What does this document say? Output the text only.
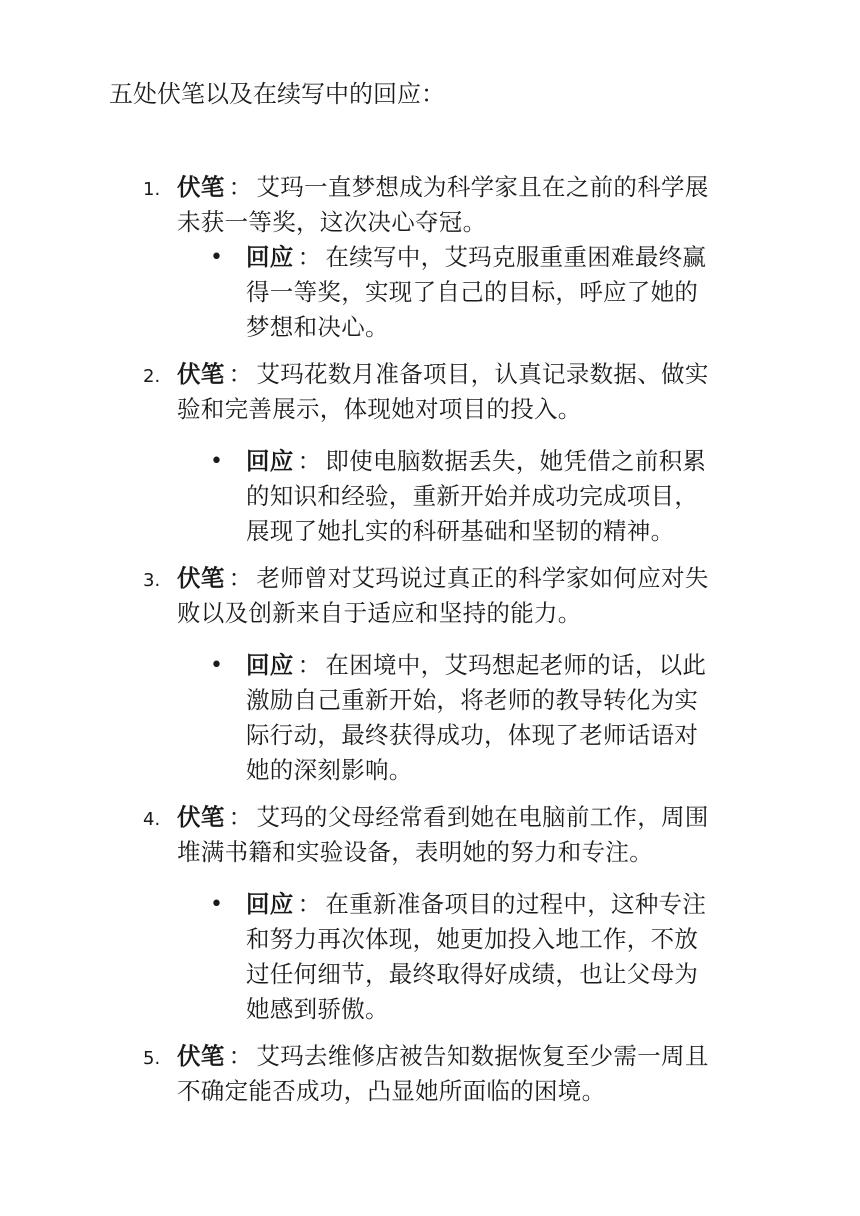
五处伏笔以及在续写中的回应：
1. 伏笔 ： 艾玛一直梦想成为科学家且在之前的科学展
未获一等奖，这次决心夺冠。
• 回应 ： 在续写中，艾玛克服重重困难最终赢
得一等奖，实现了自己的目标，呼应了她的
梦想和决心。
2. 伏笔 ： 艾玛花数月准备项目，认真记录数据、做实
验和完善展示，体现她对项目的投入。
• 回应 ： 即使电脑数据丢失，她凭借之前积累
的知识和经验，重新开始并成功完成项目，
展现了她扎实的科研基础和坚韧的精神。
3. 伏笔 ： 老师曾对艾玛说过真正的科学家如何应对失
败以及创新来自于适应和坚持的能力。
• 回应 ： 在困境中，艾玛想起老师的话，以此
激励自己重新开始，将老师的教导转化为实
际行动，最终获得成功，体现了老师话语对
她的深刻影响。
4. 伏笔 ： 艾玛的父母经常看到她在电脑前工作，周围
堆满书籍和实验设备，表明她的努力和专注。
• 回应 ： 在重新准备项目的过程中，这种专注
和努力再次体现，她更加投入地工作，不放
过任何细节，最终取得好成绩，也让父母为
她感到骄傲。
5. 伏笔 ： 艾玛去维修店被告知数据恢复至少需一周且
不确定能否成功，凸显她所面临的困境。
